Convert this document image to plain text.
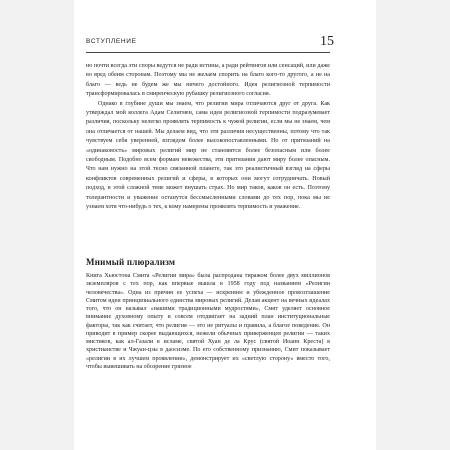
ВСТУПЛЕНИЕ	15

но почти всегда эти споры ведутся не ради истины, а ради рейтингов или сенсаций, или даже во вред обеим сторонам. Поэтому мы не желаем спорить на благо кого-то другого, а не на благо — ведь не будем же мы ничего достойного. Идея религиозной терпимости трансформировалась в смиренческую рубашку религиозного согласия.

Однако в глубине души мы знаем, что религии мира отличаются друг от друга. Как утверждал мой коллега Адам Селигмен, сама идея религиозной терпимости подразумевает различия, поскольку нелегко проявлять терпимость к чужой религии, если мы не знаем, чем она отличается от нашей. Мы делаем вид, что эти различия несущественны, потому что так чувствуем себя уверенней, взглядом более высокопоставленными. Но от притязаний на «одинаковость» мировых религий мир не становится более безопасным или более свободным. Подобно всем формам невежества, эти притязания дают миру более опасным. Что нам нужно на этой тесно связанной планете, так это реалистичный взгляд на сферы конфликтов современных религий и сферы, в которых они могут сотрудничать. Новый подход, в этой сложной теме может внушать страх. Но мир таков, каков он есть. Поэтому толерантности и уважение останутся бессмысленными словами до тех пор, пока мы не узнаем хотя что-нибудь о тех, к кому намерены проявлять терпимость и уважение.

Мнимый плюрализм

Книга Хьюстона Смита «Религии мира» была распродана тиражом более двух миллионов экземпляров с тех пор, как впервые вышла в 1958 году под названием «Религии человечества». Одна из причин ее успеха — искреннее и убежденное провозглашение Смитом идеи принципиального единства мировых религий. Делая акцент на вечных идеалах того, что он называл «нашими традиционными мудростями», Смит уделяет основное внимание духовному опыту и совсем отодвигает на задний план институциональные факторы, так как считает, что религия — это не ритуалы и правила, а благое поведение. Он приводит в пример скорее выдающихся, нежели обычных приверженцев религии — таких мистиков, как ал-Газали в исламе, святой Хуан де ла Крус (святой Иоанн Креста) в христианстве и Чжуан-цзы в даосизме. По его собственному признанию, Смит показывает «религии в их лучшем проявлении», демонстрирует их «светлую сторону» вместо того, чтобы вывешивать на обозрение грязное
